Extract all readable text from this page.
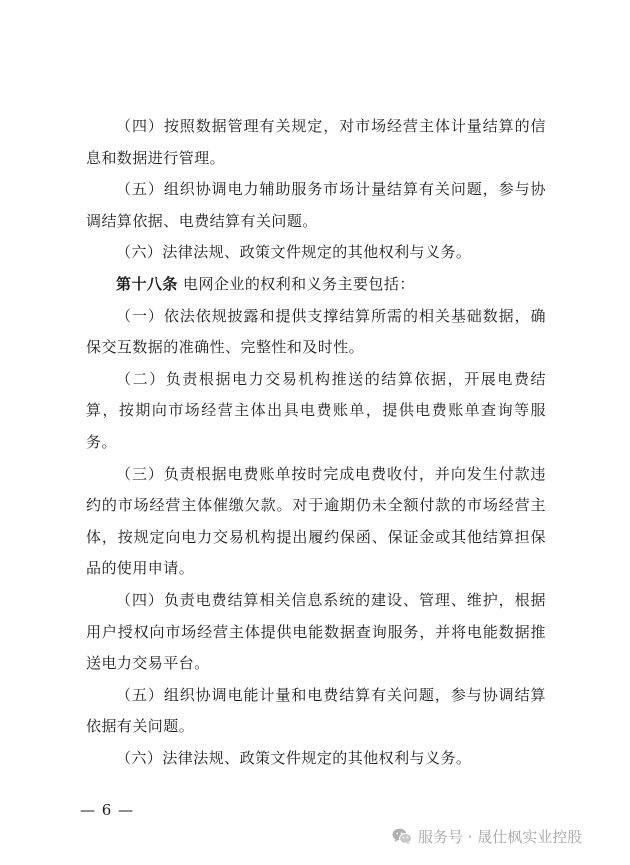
（四）按照数据管理有关规定，对市场经营主体计量结算的信息和数据进行管理。

（五）组织协调电力辅助服务市场计量结算有关问题，参与协调结算依据、电费结算有关问题。

（六）法律法规、政策文件规定的其他权利与义务。

第十八条 电网企业的权利和义务主要包括：

（一）依法依规披露和提供支撑结算所需的相关基础数据，确保交互数据的准确性、完整性和及时性。

（二）负责根据电力交易机构推送的结算依据，开展电费结算，按期向市场经营主体出具电费账单，提供电费账单查询等服务。

（三）负责根据电费账单按时完成电费收付，并向发生付款违约的市场经营主体催缴欠款。对于逾期仍未全额付款的市场经营主体，按规定向电力交易机构提出履约保函、保证金或其他结算担保品的使用申请。

（四）负责电费结算相关信息系统的建设、管理、维护，根据用户授权向市场经营主体提供电能数据查询服务，并将电能数据推送电力交易平台。

（五）组织协调电能计量和电费结算有关问题，参与协调结算依据有关问题。

（六）法律法规、政策文件规定的其他权利与义务。

— 6 —
服务号 · 晟仕枫实业控股
